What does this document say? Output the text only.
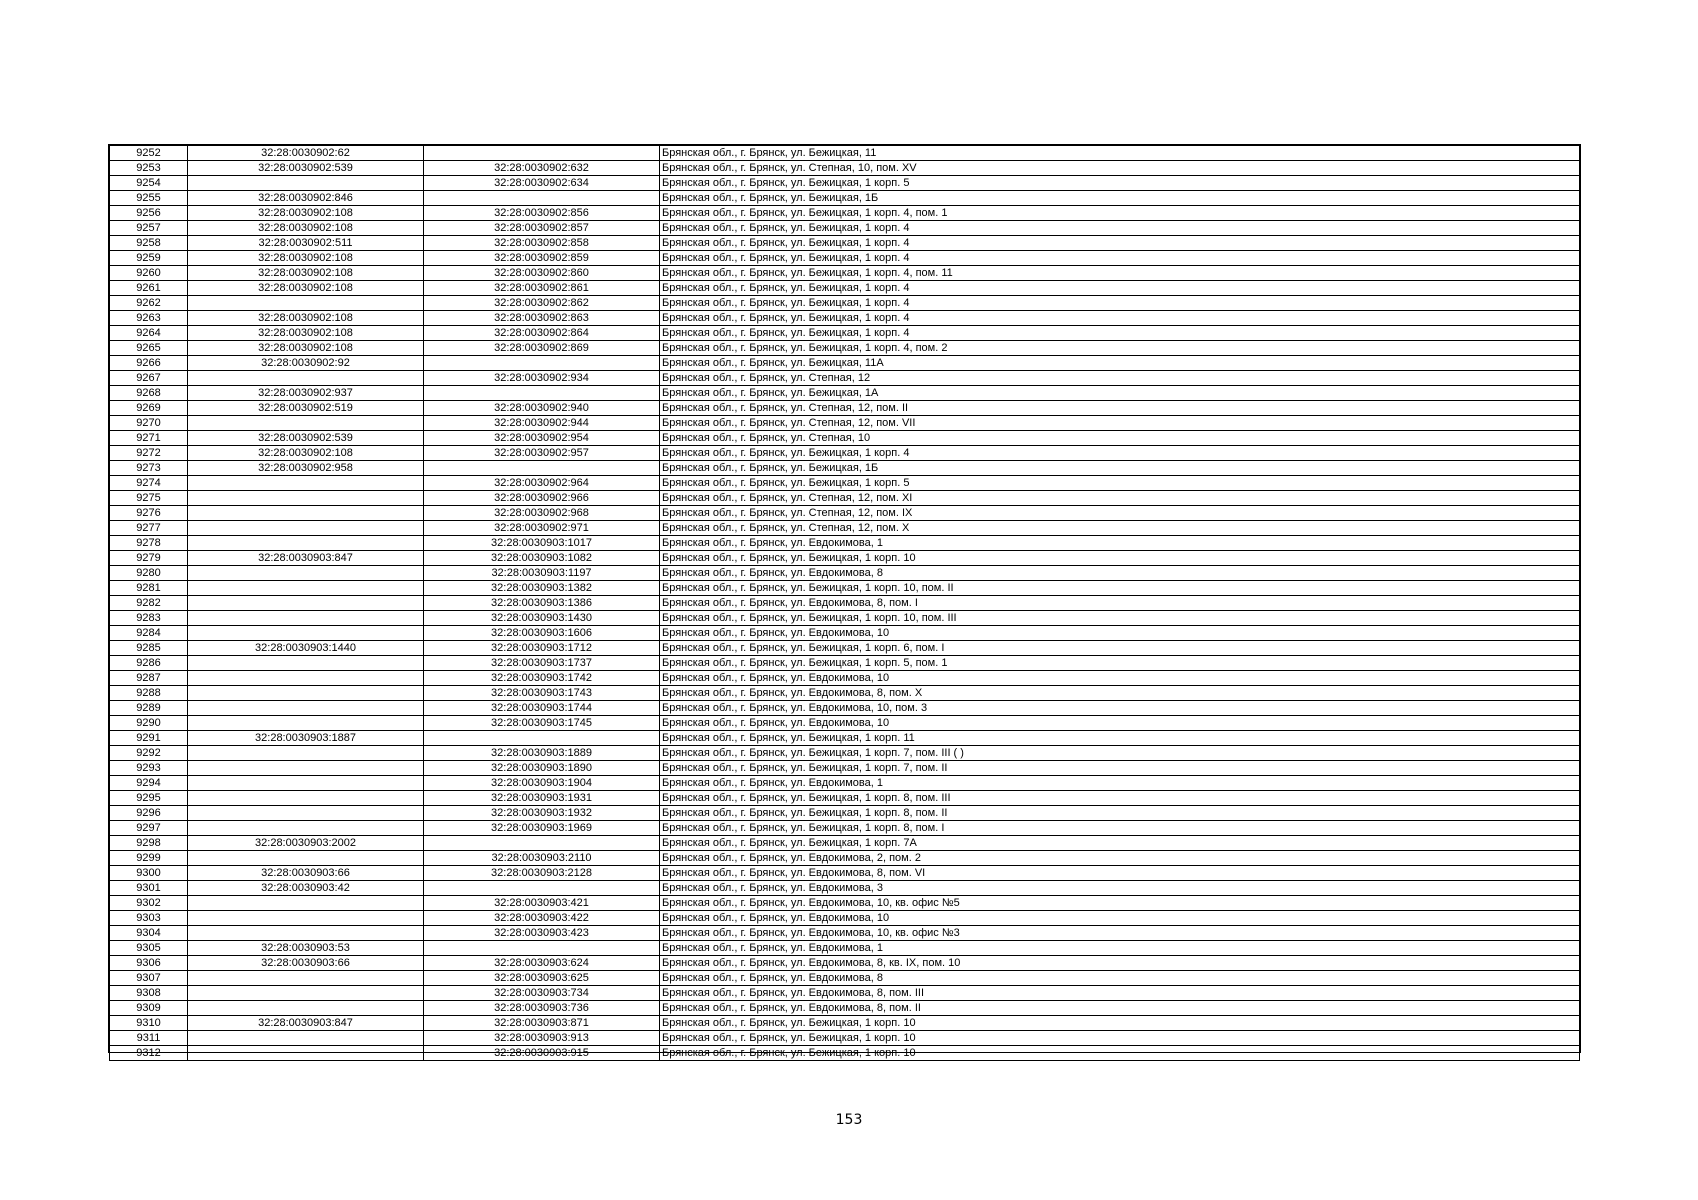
9252	32:28:0030902:62		Брянская обл., г. Брянск, ул. Бежицкая, 11
9253	32:28:0030902:539	32:28:0030902:632	Брянская обл., г. Брянск, ул. Степная, 10, пом. XV
9254		32:28:0030902:634	Брянская обл., г. Брянск, ул. Бежицкая, 1 корп. 5
9255	32:28:0030902:846		Брянская обл., г. Брянск, ул. Бежицкая, 1Б
9256	32:28:0030902:108	32:28:0030902:856	Брянская обл., г. Брянск, ул. Бежицкая, 1 корп. 4, пом. 1
9257	32:28:0030902:108	32:28:0030902:857	Брянская обл., г. Брянск, ул. Бежицкая, 1 корп. 4
9258	32:28:0030902:511	32:28:0030902:858	Брянская обл., г. Брянск, ул. Бежицкая, 1 корп. 4
9259	32:28:0030902:108	32:28:0030902:859	Брянская обл., г. Брянск, ул. Бежицкая, 1 корп. 4
9260	32:28:0030902:108	32:28:0030902:860	Брянская обл., г. Брянск, ул. Бежицкая, 1 корп. 4, пом. 11
9261	32:28:0030902:108	32:28:0030902:861	Брянская обл., г. Брянск, ул. Бежицкая, 1 корп. 4
9262		32:28:0030902:862	Брянская обл., г. Брянск, ул. Бежицкая, 1 корп. 4
9263	32:28:0030902:108	32:28:0030902:863	Брянская обл., г. Брянск, ул. Бежицкая, 1 корп. 4
9264	32:28:0030902:108	32:28:0030902:864	Брянская обл., г. Брянск, ул. Бежицкая, 1 корп. 4
9265	32:28:0030902:108	32:28:0030902:869	Брянская обл., г. Брянск, ул. Бежицкая, 1 корп. 4, пом. 2
9266	32:28:0030902:92		Брянская обл., г. Брянск, ул. Бежицкая, 11А
9267		32:28:0030902:934	Брянская обл., г. Брянск, ул. Степная, 12
9268	32:28:0030902:937		Брянская обл., г. Брянск, ул. Бежицкая, 1А
9269	32:28:0030902:519	32:28:0030902:940	Брянская обл., г. Брянск, ул. Степная, 12, пом. II
9270		32:28:0030902:944	Брянская обл., г. Брянск, ул. Степная, 12, пом. VII
9271	32:28:0030902:539	32:28:0030902:954	Брянская обл., г. Брянск, ул. Степная, 10
9272	32:28:0030902:108	32:28:0030902:957	Брянская обл., г. Брянск, ул. Бежицкая, 1 корп. 4
9273	32:28:0030902:958		Брянская обл., г. Брянск, ул. Бежицкая, 1Б
9274		32:28:0030902:964	Брянская обл., г. Брянск, ул. Бежицкая, 1 корп. 5
9275		32:28:0030902:966	Брянская обл., г. Брянск, ул. Степная, 12, пом. XI
9276		32:28:0030902:968	Брянская обл., г. Брянск, ул. Степная, 12, пом. IX
9277		32:28:0030902:971	Брянская обл., г. Брянск, ул. Степная, 12, пом. X
9278		32:28:0030903:1017	Брянская обл., г. Брянск, ул. Евдокимова, 1
9279	32:28:0030903:847	32:28:0030903:1082	Брянская обл., г. Брянск, ул. Бежицкая, 1 корп. 10
9280		32:28:0030903:1197	Брянская обл., г. Брянск, ул. Евдокимова, 8
9281		32:28:0030903:1382	Брянская обл., г. Брянск, ул. Бежицкая, 1 корп. 10, пом. II
9282		32:28:0030903:1386	Брянская обл., г. Брянск, ул. Евдокимова, 8, пом. I
9283		32:28:0030903:1430	Брянская обл., г. Брянск, ул. Бежицкая, 1 корп. 10, пом. III
9284		32:28:0030903:1606	Брянская обл., г. Брянск, ул. Евдокимова, 10
9285	32:28:0030903:1440	32:28:0030903:1712	Брянская обл., г. Брянск, ул. Бежицкая, 1 корп. 6, пом. I
9286		32:28:0030903:1737	Брянская обл., г. Брянск, ул. Бежицкая, 1 корп. 5, пом. 1
9287		32:28:0030903:1742	Брянская обл., г. Брянск, ул. Евдокимова, 10
9288		32:28:0030903:1743	Брянская обл., г. Брянск, ул. Евдокимова, 8, пом. X
9289		32:28:0030903:1744	Брянская обл., г. Брянск, ул. Евдокимова, 10, пом. 3
9290		32:28:0030903:1745	Брянская обл., г. Брянск, ул. Евдокимова, 10
9291	32:28:0030903:1887		Брянская обл., г. Брянск, ул. Бежицкая, 1 корп. 11
9292		32:28:0030903:1889	Брянская обл., г. Брянск, ул. Бежицкая, 1 корп. 7, пом. III ( )
9293		32:28:0030903:1890	Брянская обл., г. Брянск, ул. Бежицкая, 1 корп. 7, пом. II
9294		32:28:0030903:1904	Брянская обл., г. Брянск, ул. Евдокимова, 1
9295		32:28:0030903:1931	Брянская обл., г. Брянск, ул. Бежицкая, 1 корп. 8, пом. III
9296		32:28:0030903:1932	Брянская обл., г. Брянск, ул. Бежицкая, 1 корп. 8, пом. II
9297		32:28:0030903:1969	Брянская обл., г. Брянск, ул. Бежицкая, 1 корп. 8, пом. I
9298	32:28:0030903:2002		Брянская обл., г. Брянск, ул. Бежицкая, 1 корп. 7А
9299		32:28:0030903:2110	Брянская обл., г. Брянск, ул. Евдокимова, 2, пом. 2
9300	32:28:0030903:66	32:28:0030903:2128	Брянская обл., г. Брянск, ул. Евдокимова, 8, пом. VI
9301	32:28:0030903:42		Брянская обл., г. Брянск, ул. Евдокимова, 3
9302		32:28:0030903:421	Брянская обл., г. Брянск, ул. Евдокимова, 10, кв. офис №5
9303		32:28:0030903:422	Брянская обл., г. Брянск, ул. Евдокимова, 10
9304		32:28:0030903:423	Брянская обл., г. Брянск, ул. Евдокимова, 10, кв. офис №3
9305	32:28:0030903:53		Брянская обл., г. Брянск, ул. Евдокимова, 1
9306	32:28:0030903:66	32:28:0030903:624	Брянская обл., г. Брянск, ул. Евдокимова, 8, кв. IX, пом. 10
9307		32:28:0030903:625	Брянская обл., г. Брянск, ул. Евдокимова, 8
9308		32:28:0030903:734	Брянская обл., г. Брянск, ул. Евдокимова, 8, пом. III
9309		32:28:0030903:736	Брянская обл., г. Брянск, ул. Евдокимова, 8, пом. II
9310	32:28:0030903:847	32:28:0030903:871	Брянская обл., г. Брянск, ул. Бежицкая, 1 корп. 10
9311		32:28:0030903:913	Брянская обл., г. Брянск, ул. Бежицкая, 1 корп. 10
9312		32:28:0030903:915	Брянская обл., г. Брянск, ул. Бежицкая, 1 корп. 10
153
